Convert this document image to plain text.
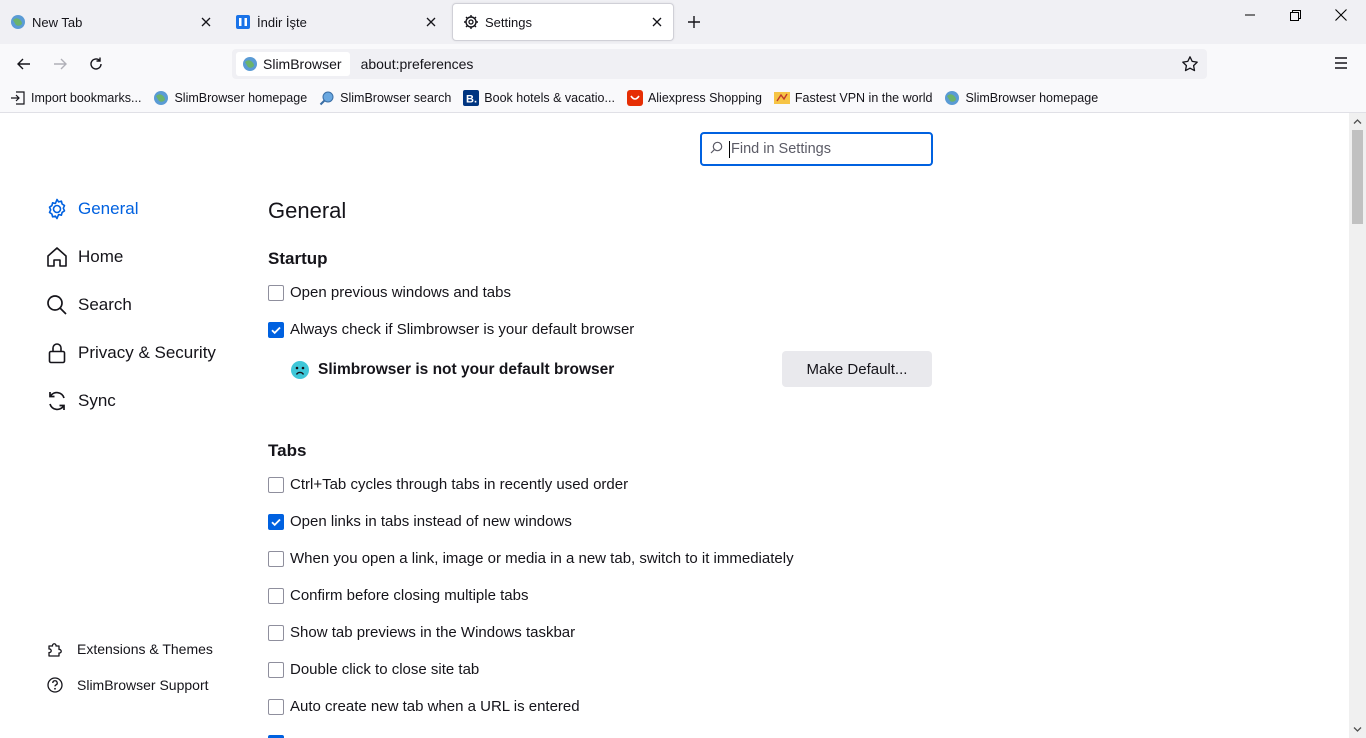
New Tab	İndir İşte	Settings
SlimBrowser about:preferences
Import bookmarks...	SlimBrowser homepage	SlimBrowser search B. Book hotels & vacatio...	Aliexpress Shopping	Fastest VPN in the world	SlimBrowser homepage
Find in Settings
General
Home
Search
Privacy & Security
Sync
Extensions & Themes
SlimBrowser Support
General
Startup
Open previous windows and tabs
Always check if Slimbrowser is your default browser
Slimbrowser is not your default browser	Make Default...
Tabs
Ctrl+Tab cycles through tabs in recently used order
Open links in tabs instead of new windows
When you open a link, image or media in a new tab, switch to it immediately
Confirm before closing multiple tabs
Show tab previews in the Windows taskbar
Double click to close site tab
Auto create new tab when a URL is entered
